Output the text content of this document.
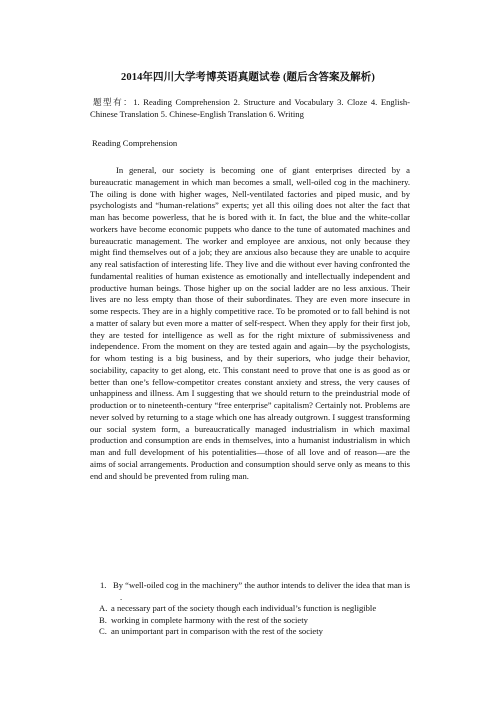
2014年四川大学考博英语真题试卷 (题后含答案及解析)
题型有：1. Reading Comprehension 2. Structure and Vocabulary 3. Cloze 4. English-Chinese Translation 5. Chinese-English Translation 6. Writing
Reading Comprehension
In general, our society is becoming one of giant enterprises directed by a bureaucratic management in which man becomes a small, well-oiled cog in the machinery. The oiling is done with higher wages, Nell-ventilated factories and piped music, and by psychologists and “human-relations” experts; yet all this oiling does not alter the fact that man has become powerless, that he is bored with it. In fact, the blue and the white-collar workers have become economic puppets who dance to the tune of automated machines and bureaucratic management. The worker and employee are anxious, not only because they might find themselves out of a job; they are anxious also because they are unable to acquire any real satisfaction of interesting life. They live and die without ever having confronted the fundamental realities of human existence as emotionally and intellectually independent and productive human beings. Those higher up on the social ladder are no less anxious. Their lives are no less empty than those of their subordinates. They are even more insecure in some respects. They are in a highly competitive race. To be promoted or to fall behind is not a matter of salary but even more a matter of self-respect. When they apply for their first job, they are tested for intelligence as well as for the right mixture of submissiveness and independence. From the moment on they are tested again and again—by the psychologists, for whom testing is a big business, and by their superiors, who judge their behavior, sociability, capacity to get along, etc. This constant need to prove that one is as good as or better than one’s fellow-competitor creates constant anxiety and stress, the very causes of unhappiness and illness. Am I suggesting that we should return to the preindustrial mode of production or to nineteenth-century “free enterprise” capitalism? Certainly not. Problems are never solved by returning to a stage which one has already outgrown. I suggest transforming our social system form, a bureaucratically managed industrialism in which maximal production and consumption are ends in themselves, into a humanist industrialism in which man and full development of his potentialities—those of all love and of reason—are the aims of social arrangements. Production and consumption should serve only as means to this end and should be prevented from ruling man.
1. By “well-oiled cog in the machinery” the author intends to deliver the idea that man is.
A. a necessary part of the society though each individual’s function is negligible
B. working in complete harmony with the rest of the society
C. an unimportant part in comparison with the rest of the society
